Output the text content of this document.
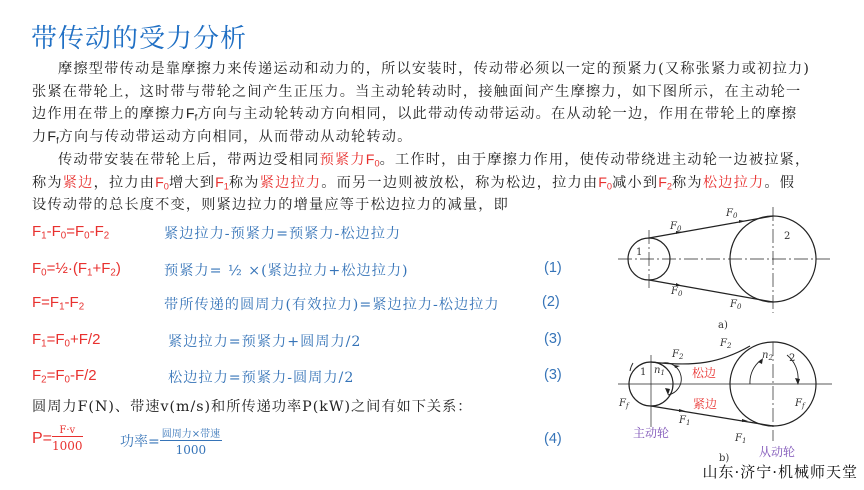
带传动的受力分析
摩擦型带传动是靠摩擦力来传递运动和动力的，所以安装时，传动带必须以一定的预紧力(又称张紧力或初拉力)
张紧在带轮上，这时带与带轮之间产生正压力。当主动轮转动时，接触面间产生摩擦力，如下图所示，在主动轮一
边作用在带上的摩擦力$F_f$方向与主动轮转动方向相同，以此带动传动带运动。在从动轮一边，作用在带轮上的摩擦
力$F_f$方向与传动带运动方向相同，从而带动从动轮转动。
传动带安装在带轮上后，带两边受相同预紧力$F_0$。工作时，由于摩擦力作用，使传动带绕进主动轮一边被拉紧，
称为紧边，拉力由$F_0$增大到$F_1$称为紧边拉力。而另一边则被放松，称为松边，拉力由$F_0$减小到$F_2$称为松边拉力。假
设传动带的总长度不变，则紧边拉力的增量应等于松边拉力的减量，即
$F_1-F_0=F_0-F_2$	紧边拉力-预紧力=预紧力-松边拉力
$F_0=\frac{1}{2}\cdot(F_1+F_2)$	预紧力= ½ ×(紧边拉力+松边拉力)	(1)
$F=F_1-F_2$	带所传递的圆周力(有效拉力)=紧边拉力-松边拉力	(2)
$F_1=F_0+F/2$	紧边拉力=预紧力+圆周力/2	(3)
$F_2=F_0-F/2$	松边拉力=预紧力-圆周力/2	(3)
圆周力F(N)、带速v(m/s)和所传递功率P(kW)之间有如下关系：
$P= \frac{F\cdot v}{1000}$	功率= $\frac{\text{圆周力×带速}}{1000}$	(4)
1
2
$F_0$
$F_0$
$F_0$
$F_0$
a)
1
2
$n_1$
$n_2$
$F_2$
$F_2$
$F_1$
$F_1$
$F_f$	$F_f$
b)
松边
紧边
主动轮
从动轮
山东·济宁·机械师天堂
